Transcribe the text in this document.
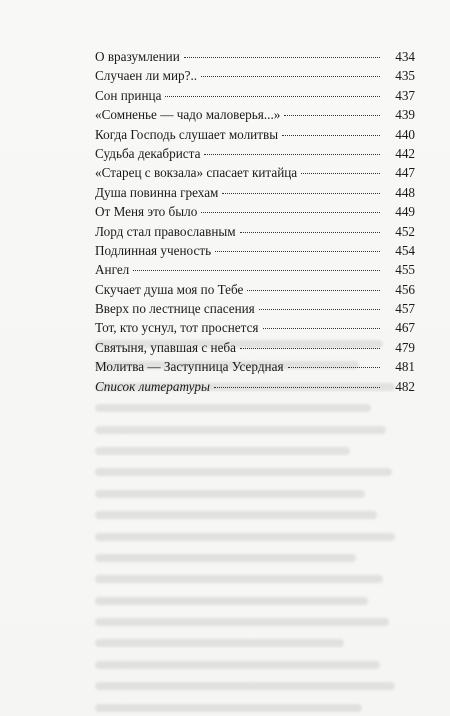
О вразумлении	434
Случаен ли мир?..	435
Сон принца	437
«Сомненье — чадо маловерья...»	439
Когда Господь слушает молитвы	440
Судьба декабриста	442
«Старец с вокзала» спасает китайца	447
Душа повинна грехам	448
От Меня это было	449
Лорд стал православным	452
Подлинная ученость	454
Ангел	455
Скучает душа моя по Тебе	456
Вверх по лестнице спасения	457
Тот, кто уснул, тот проснется	467
Святыня, упавшая с неба	479
Молитва — Заступница Усердная	481
Список литературы	482
